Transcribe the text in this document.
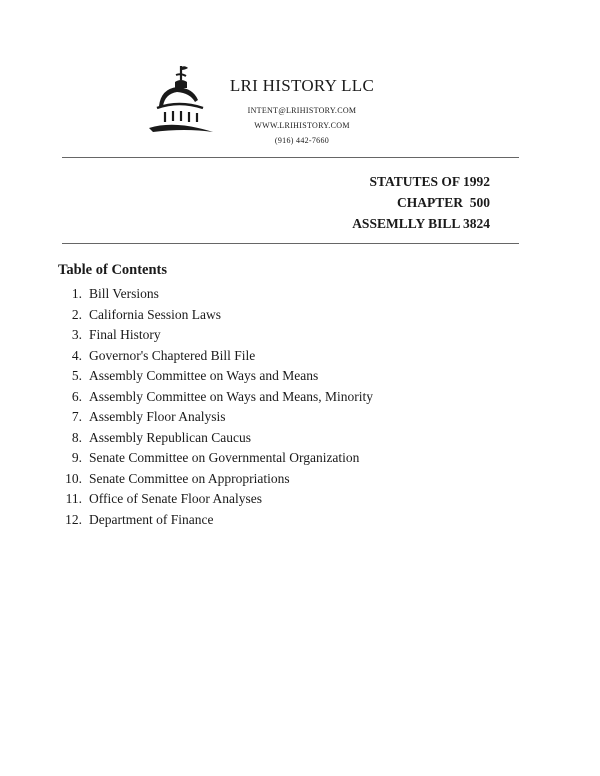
LRI HISTORY LLC
INTENT@LRIHISTORY.COM
WWW.LRIHISTORY.COM
(916) 442-7660
STATUTES OF 1992
CHAPTER  500
ASSEMLLY BILL 3824
Table of Contents
1. Bill Versions
2. California Session Laws
3. Final History
4. Governor's Chaptered Bill File
5. Assembly Committee on Ways and Means
6. Assembly Committee on Ways and Means, Minority
7. Assembly Floor Analysis
8. Assembly Republican Caucus
9. Senate Committee on Governmental Organization
10. Senate Committee on Appropriations
11. Office of Senate Floor Analyses
12. Department of Finance
